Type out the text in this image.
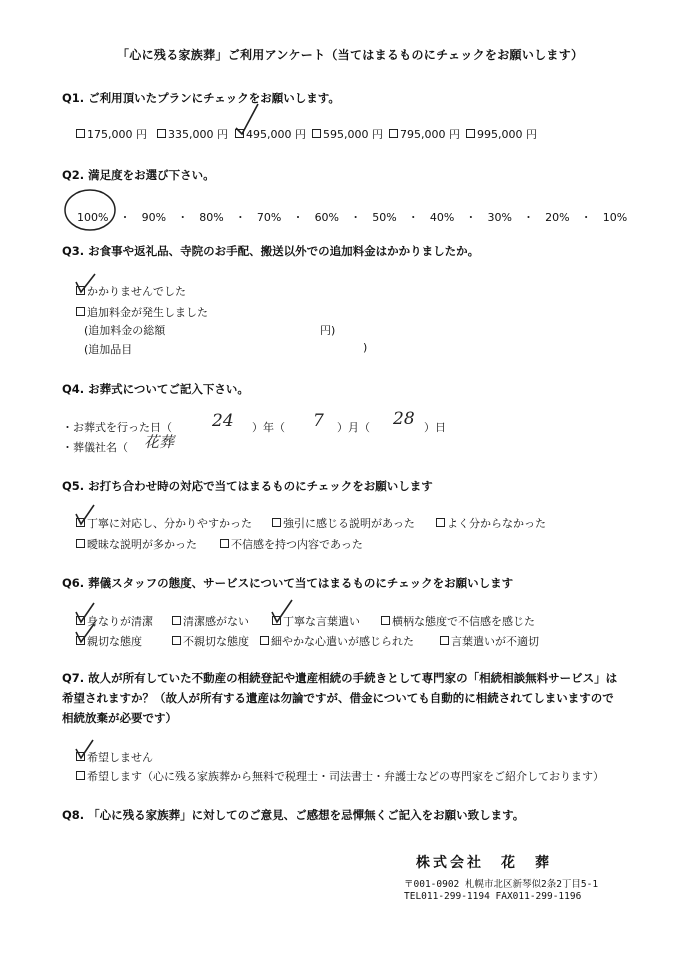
「心に残る家族葬」ご利用アンケート（当てはまるものにチェックをお願いします）
Q1. ご利用頂いたプランにチェックをお願いします。
175,000 円	335,000 円	495,000 円	595,000 円	795,000 円	995,000 円
Q2. 満足度をお選び下さい。
100% ・ 90% ・ 80% ・ 70% ・ 60% ・ 50% ・ 40% ・ 30% ・ 20% ・ 10%
Q3. お食事や返礼品、寺院のお手配、搬送以外での追加料金はかかりましたか。
かかりませんでした
追加料金が発生しました
(追加料金の総額	円)
(追加品目	)
Q4. お葬式についてご記入下さい。
・お葬式を行った日（ 24 ）年（ 7 ）月（ 28 ）日
・葬儀社名（ 花葬
Q5. お打ち合わせ時の対応で当てはまるものにチェックをお願いします
丁寧に対応し、分かりやすかった	強引に感じる説明があった	よく分からなかった
曖昧な説明が多かった	不信感を持つ内容であった
Q6. 葬儀スタッフの態度、サービスについて当てはまるものにチェックをお願いします
身なりが清潔	清潔感がない	丁寧な言葉遣い	横柄な態度で不信感を感じた
親切な態度	不親切な態度	細やかな心遣いが感じられた	言葉遣いが不適切
Q7. 故人が所有していた不動産の相続登記や遺産相続の手続きとして専門家の「相続相談無料サービス」は
希望されますか？（故人が所有する遺産は勿論ですが、借金についても自動的に相続されてしまいますので
相続放棄が必要です）
希望しません
希望します（心に残る家族葬から無料で税理士・司法書士・弁護士などの専門家をご紹介しております）
Q8. 「心に残る家族葬」に対してのご意見、ご感想を忌憚無くご記入をお願い致します。
株式会社　花　葬
〒001-0902 札幌市北区新琴似2条2丁目5-1
TEL011-299-1194 FAX011-299-1196
